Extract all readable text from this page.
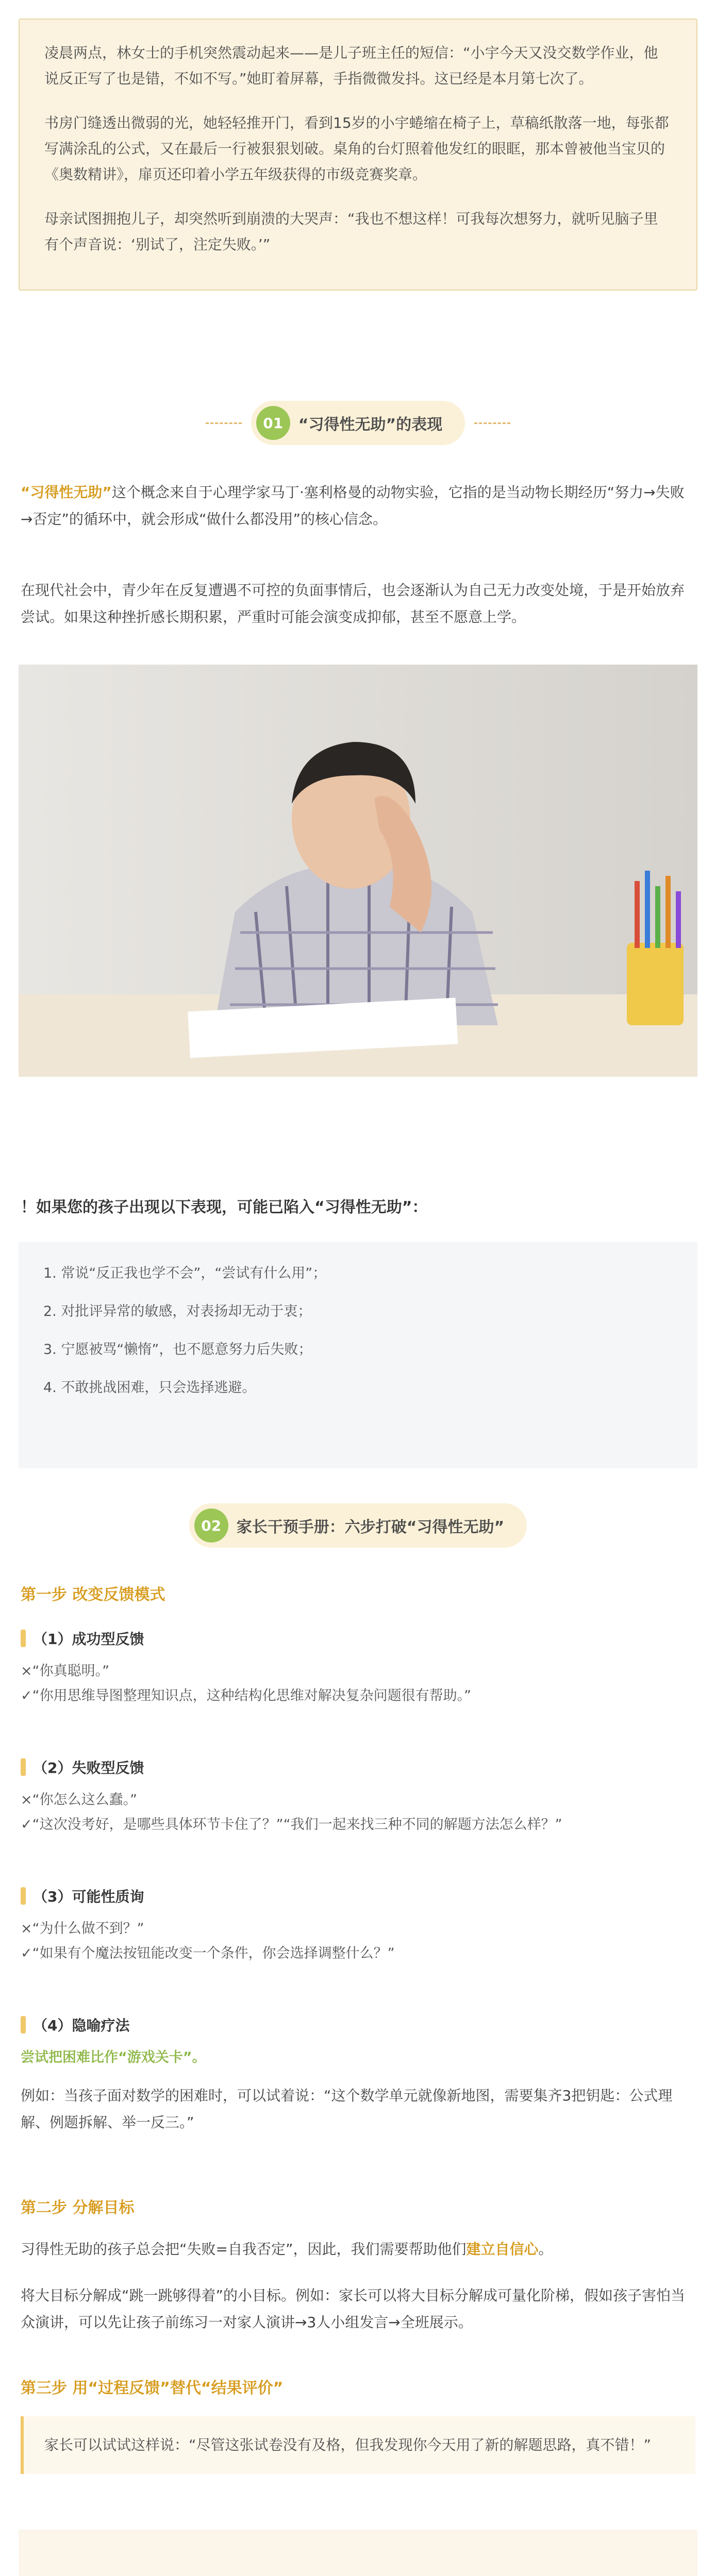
凌晨两点，林女士的手机突然震动起来——是儿子班主任的短信：“小宇今天又没交数学作业，他说反正写了也是错，不如不写。”她盯着屏幕，手指微微发抖。这已经是本月第七次了。

书房门缝透出微弱的光，她轻轻推开门，看到15岁的小宇蜷缩在椅子上，草稿纸散落一地，每张都写满涂乱的公式，又在最后一行被狠狠划破。桌角的台灯照着他发红的眼眶，那本曾被他当宝贝的《奥数精讲》，扉页还印着小学五年级获得的市级竞赛奖章。

母亲试图拥抱儿子，却突然听到崩溃的大哭声：“我也不想这样！可我每次想努力，就听见脑子里有个声音说：‘别试了，注定失败。’”

01 “习得性无助”的表现

“习得性无助”这个概念来自于心理学家马丁·塞利格曼的动物实验，它指的是当动物长期经历“努力→失败→否定”的循环中，就会形成“做什么都没用”的核心信念。

在现代社会中，青少年在反复遭遇不可控的负面事情后，也会逐渐认为自己无力改变处境，于是开始放弃尝试。如果这种挫折感长期积累，严重时可能会演变成抑郁，甚至不愿意上学。

！如果您的孩子出现以下表现，可能已陷入“习得性无助”：

1. 常说“反正我也学不会”，“尝试有什么用”；

2. 对批评异常的敏感，对表扬却无动于衷；

3. 宁愿被骂“懒惰”，也不愿意努力后失败；

4. 不敢挑战困难，只会选择逃避。

02 家长干预手册：六步打破“习得性无助”
第一步 改变反馈模式
（1）成功型反馈

×“你真聪明。”

✓“你用思维导图整理知识点，这种结构化思维对解决复杂问题很有帮助。”

（2）失败型反馈

×“你怎么这么蠢。”

✓“这次没考好，是哪些具体环节卡住了？”“我们一起来找三种不同的解题方法怎么样？”

（3）可能性质询

×“为什么做不到？”

✓“如果有个魔法按钮能改变一个条件，你会选择调整什么？”

（4）隐喻疗法

尝试把困难比作“游戏关卡”。

例如：当孩子面对数学的困难时，可以试着说：“这个数学单元就像新地图，需要集齐3把钥匙：公式理解、例题拆解、举一反三。”

第二步 分解目标

习得性无助的孩子总会把“失败=自我否定”，因此，我们需要帮助他们建立自信心。

将大目标分解成“跳一跳够得着”的小目标。例如：家长可以将大目标分解成可量化阶梯，假如孩子害怕当众演讲，可以先让孩子前练习一对家人演讲→3人小组发言→全班展示。

第三步 用“过程反馈”替代“结果评价”

家长可以试试这样说：“尽管这张试卷没有及格，但我发现你今天用了新的解题思路，真不错！”
